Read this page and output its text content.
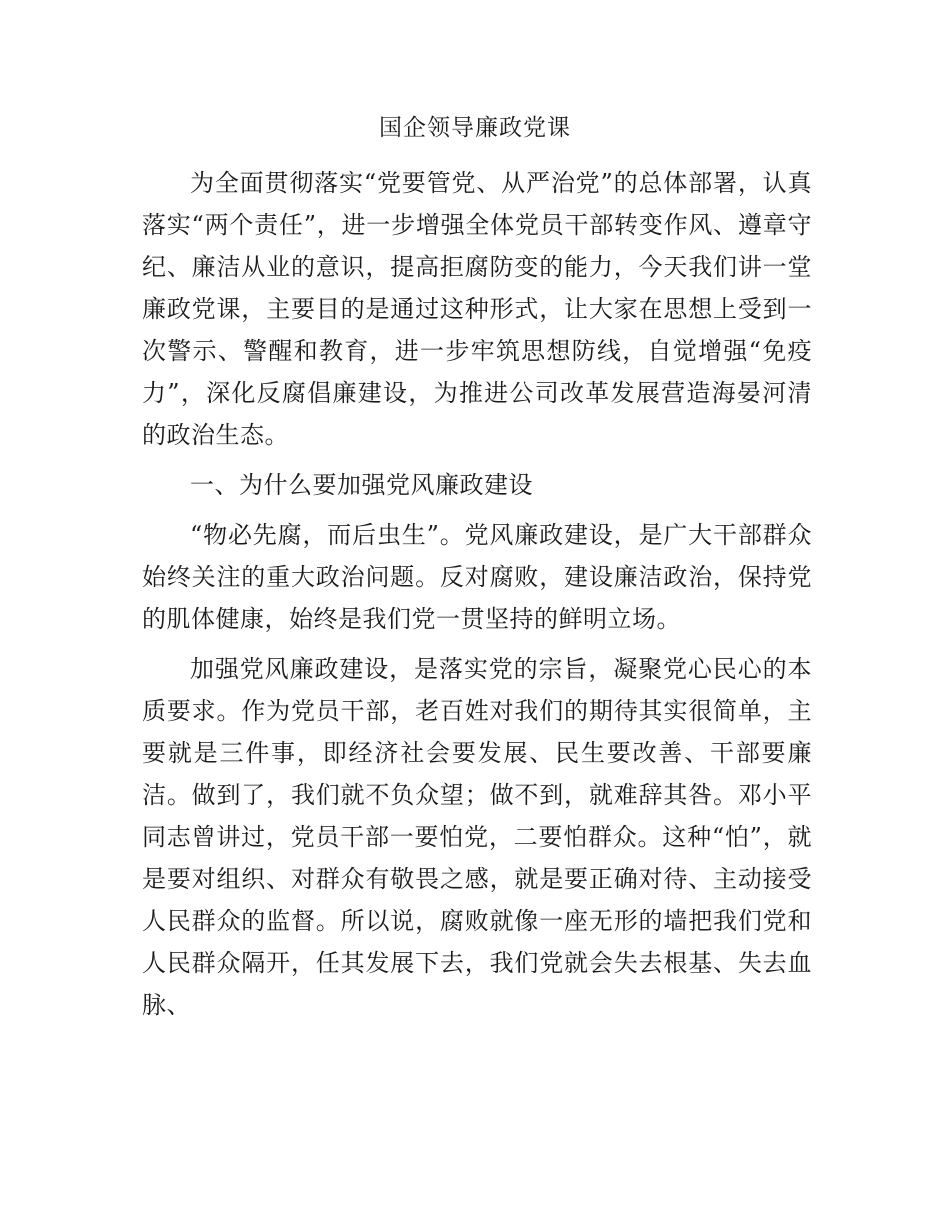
国企领导廉政党课

为全面贯彻落实“党要管党、从严治党”的总体部署，认真落实“两个责任”，进一步增强全体党员干部转变作风、遵章守纪、廉洁从业的意识，提高拒腐防变的能力，今天我们讲一堂廉政党课，主要目的是通过这种形式，让大家在思想上受到一次警示、警醒和教育，进一步牢筑思想防线，自觉增强“免疫力”，深化反腐倡廉建设，为推进公司改革发展营造海晏河清的政治生态。

一、为什么要加强党风廉政建设

“物必先腐，而后虫生”。党风廉政建设，是广大干部群众始终关注的重大政治问题。反对腐败，建设廉洁政治，保持党的肌体健康，始终是我们党一贯坚持的鲜明立场。

加强党风廉政建设，是落实党的宗旨，凝聚党心民心的本质要求。作为党员干部，老百姓对我们的期待其实很简单，主要就是三件事，即经济社会要发展、民生要改善、干部要廉洁。做到了，我们就不负众望；做不到，就难辞其咎。邓小平同志曾讲过，党员干部一要怕党，二要怕群众。这种“怕”，就是要对组织、对群众有敬畏之感，就是要正确对待、主动接受人民群众的监督。所以说，腐败就像一座无形的墙把我们党和人民群众隔开，任其发展下去，我们党就会失去根基、失去血脉、
